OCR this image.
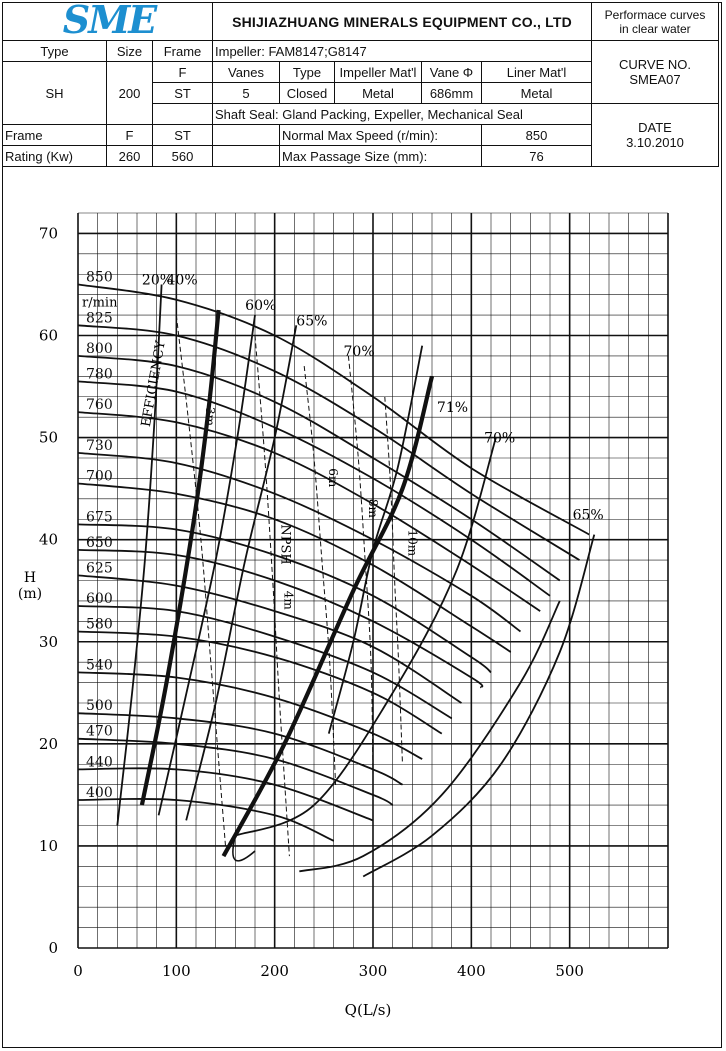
SME			SHIJIAZHUANG MINERALS EQUIPMENT CO., LTD					Performace curves
in clear water

Type	Size	Frame	Impeller: FAM8147;G8147					CURVE NO.
SMEA07

SH	200	F	Vanes	Type	Impeller Mat'l	Vane Φ	Liner Mat'l	
		ST	5	Closed	Metal	686mm	Metal	
			Shaft Seal: Gland Packing, Expeller, Mechanical Seal					DATE
3.10.2010

Frame	F	ST		Normal Max Speed (r/min):			850	
Rating (Kw)	260	560		Max Passage Size (mm):			76	
0	100	200	300	400	500
0
10
20
30
40
50
60
70
Q(L/s)
H
(m)
3m
4m
6m
8m
10m
850
825
800
780
760
730
700
675
650
625
600
580
540
500
470
440
400
r/min
20%
40%
60%
65%
70%
71%
70%
65%
EFFICIENCY
NPSH
